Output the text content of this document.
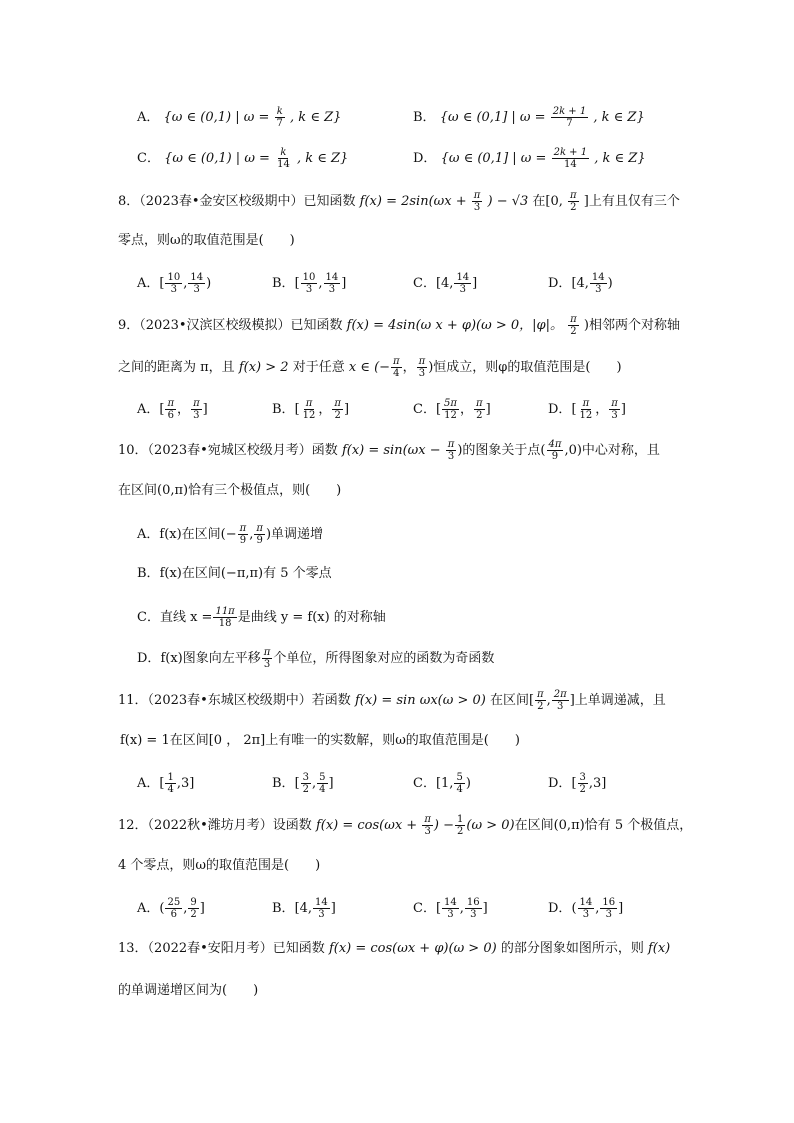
A． {ω ∈ (0,1) | $\omega = \frac{k}{7}$ , k ∈ Z}	B． {ω ∈ (0,1] | $\omega = \frac{2k + 1}{7}$ , k ∈ Z}
C． {ω ∈ (0,1) | $\omega = \frac{k}{14}$ , k ∈ Z}	D． {ω ∈ (0,1] | $\omega = \frac{2k + 1}{14}$ , k ∈ Z}
8．（2023春•金安区校级期中）已知函数 $f(x) = 2\sin(\omega x + \frac{\pi}{3}$ ) − √3 在[0, $\frac{\pi}{2}$ ]上有且仅有三个
零点，则ω的取值范围是(　　)
A．[ $\frac{10}{3}$ , $\frac{14}{3}$ )	B．[ $\frac{10}{3}$ , $\frac{14}{3}$ ]	C．[4, $\frac{14}{3}$ ]	D．[4, $\frac{14}{3}$ )
9．（2023•汉滨区校级模拟）已知函数 f(x) = 4sin(ω x + φ)(ω > 0，|φ|。 $\frac{\pi}{2}$ )相邻两个对称轴
之间的距离为 π，且 f(x) > 2 对于任意 x ∈ (− $\frac{\pi}{4}$ ， $\frac{\pi}{3}$ )恒成立，则φ的取值范围是(　　)
A．[ $\frac{\pi}{6}$ ， $\frac{\pi}{3}$ ]	B．[ $\frac{\pi}{12}$ ， $\frac{\pi}{2}$ ]	C．[ $\frac{5\pi}{12}$ ， $\frac{\pi}{2}$ ]	D．[ $\frac{\pi}{12}$ ， $\frac{\pi}{3}$ ]
10．（2023春•宛城区校级月考）函数 $f(x) = \sin(\omega x - \frac{\pi}{3}$ )的图象关于点( $\frac{4\pi}{9} ,0$)中心对称，且
在区间(0,π)恰有三个极值点，则(　　)
A．f(x)在区间(− $\frac{\pi}{9}$ , $\frac{\pi}{9}$ )单调递增
B．f(x)在区间(−π,π)有 5 个零点
C．直线 $x = \frac{11\pi}{18}$ 是曲线 y = f(x) 的对称轴
D．f(x)图象向左平移 $\frac{\pi}{3}$ 个单位，所得图象对应的函数为奇函数
11．（2023春•东城区校级期中）若函数 f(x) = sin ωx(ω > 0) 在区间[ $\frac{\pi}{2}$ , $\frac{2\pi}{3}$ ]上单调递减，且
f(x) = 1在区间[0 ， 2π]上有唯一的实数解，则ω的取值范围是(　　)
A．[ $\frac{1}{4} ,3$]	B．[ $\frac{3}{2}$ , $\frac{5}{4}$ ]	C．[1, $\frac{5}{4}$ )	D．[ $\frac{3}{2} ,3$]
12．（2022秋•潍坊月考）设函数 $f(x) = \cos(\omega x + \frac{\pi}{3}$ ) − $\frac{1}{2} (\omega > 0)$在区间(0,π)恰有 5 个极值点，
4 个零点，则ω的取值范围是(　　)
A．( $\frac{25}{6}$ , $\frac{9}{2}$ ]	B．[4, $\frac{14}{3}$ ]	C．[ $\frac{14}{3}$ , $\frac{16}{3}$ ]	D．( $\frac{14}{3}$ , $\frac{16}{3}$ ]
13．（2022春•安阳月考）已知函数 f(x) = cos(ωx + φ)(ω > 0) 的部分图象如图所示，则 f(x)
的单调递增区间为(　　)
